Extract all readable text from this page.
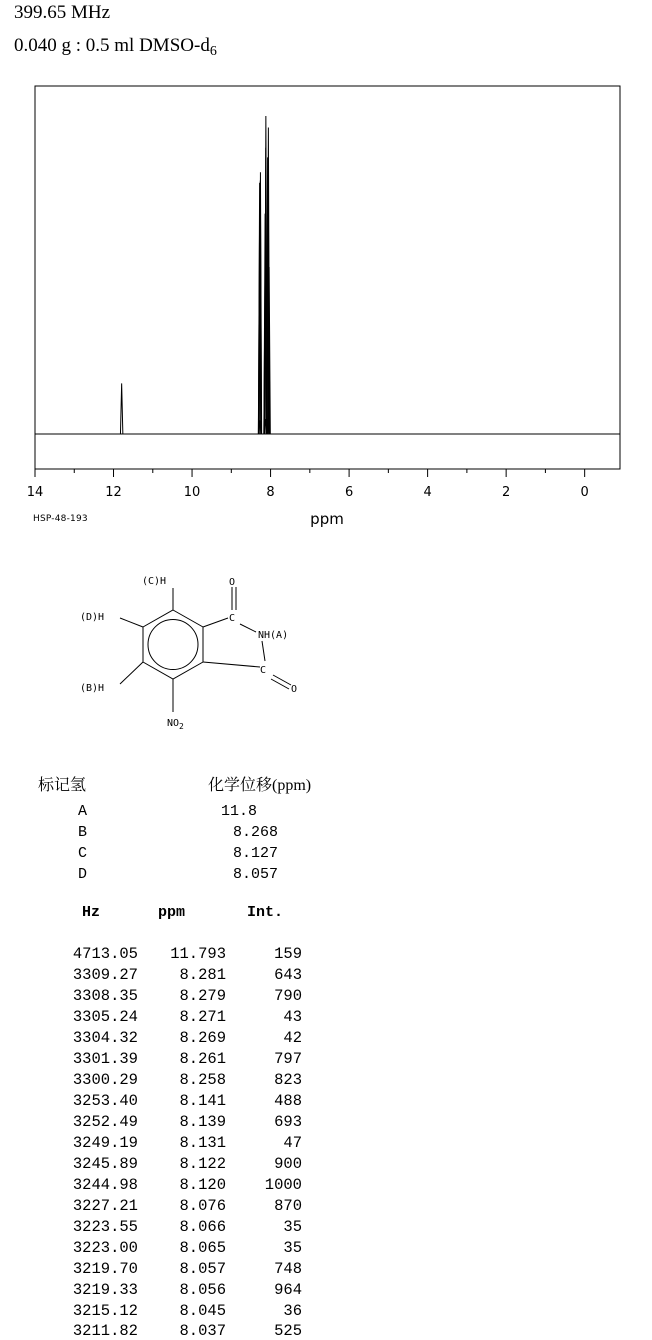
399.65 MHz
0.040 g : 0.5 ml DMSO-$d_6$
14	12	10	8	6	4	2	0
ppm
HSP-48-193
(C)H
(D)H
(B)H
O
C
NH(A)
C
O
$NO_2$
标记氢	化学位移(ppm)
A	11.8
B	8.268
C	8.127
D	8.057
Hz	ppm	Int.
4713.05	11.793	159
3309.27	8.281	643
3308.35	8.279	790
3305.24	8.271	43
3304.32	8.269	42
3301.39	8.261	797
3300.29	8.258	823
3253.40	8.141	488
3252.49	8.139	693
3249.19	8.131	47
3245.89	8.122	900
3244.98	8.120	1000
3227.21	8.076	870
3223.55	8.066	35
3223.00	8.065	35
3219.70	8.057	748
3219.33	8.056	964
3215.12	8.045	36
3211.82	8.037	525
